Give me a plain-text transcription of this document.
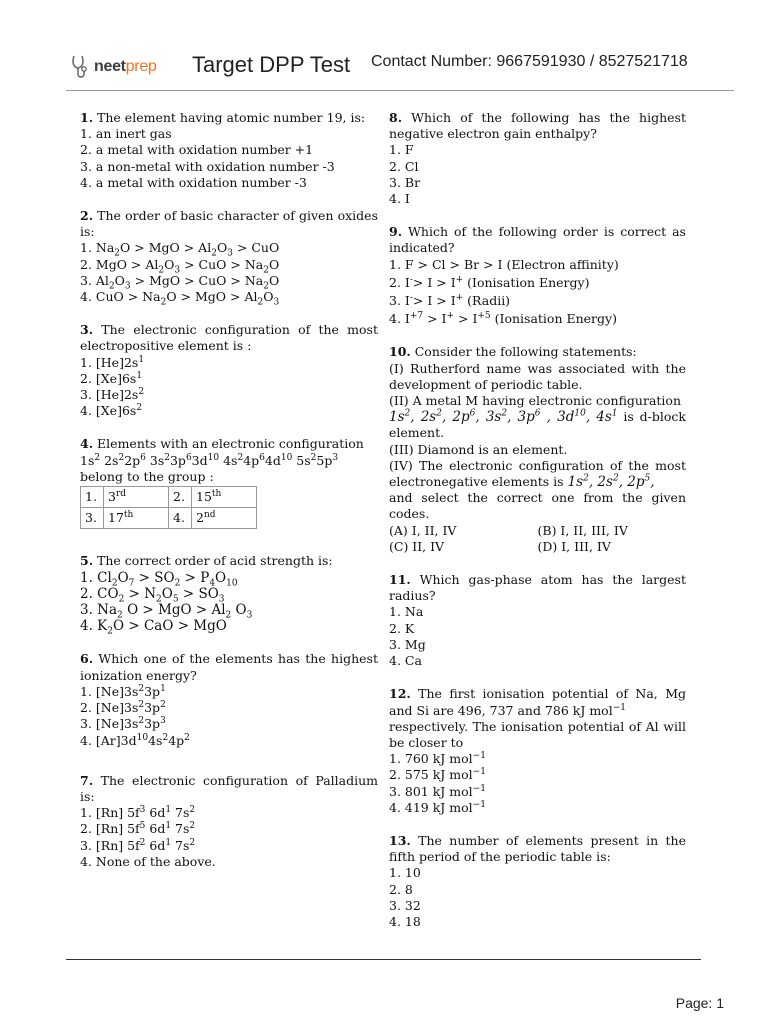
neetprep Target DPP Test Contact Number: 9667591930 / 8527521718
1. The element having atomic number 19, is:
1. an inert gas
2. a metal with oxidation number +1
3. a non-metal with oxidation number -3
4. a metal with oxidation number -3
2. The order of basic character of given oxides is:
1. $Na_2O$ > MgO > $Al_2O_3$ > CuO
2. MgO > $Al_2O_3$ > CuO > $Na_2O$
3. $Al_2O_3$ > MgO > CuO > $Na_2O$
4. CuO > $Na_2O$ > MgO > $Al_2O_3$
3. The electronic configuration of the most electropositive element is :
1. $[He]2s^1$
2. $[Xe]6s^1$
3. $[He]2s^2$
4. $[Xe]6s^2$
4. Elements with an electronic configuration
$1s^2$ $2s^22p^6$ $3s^23p^63d^{10}$ $4s^24p^64d^{10}$ $5s^25p^3$ belong to the group :
1.	3rd	2.	15th
3.	17th	4.	2nd
5. The correct order of acid strength is:
1. $Cl_2O_7 > SO_2 > P_4O_{10}$
2. $CO_2 > N_2O_5 > SO_3$
3. $Na_2$ O > MgO > $Al_2$ $O_3$
4. $K_2O$ > CaO > MgO
6. Which one of the elements has the highest ionization energy?
1. $[Ne]3s^23p^1$
2. $[Ne]3s^23p^2$
3. $[Ne]3s^23p^3$
4. $[Ar]3d^{10}4s^24p^2$
7. The electronic configuration of Palladium is:
1. [Rn] $5f^3$ $6d^1$ $7s^2$
2. [Rn] $5f^5$ $6d^1$ $7s^2$
3. [Rn] $5f^2$ $6d^1$ $7s^2$
4. None of the above.
8. Which of the following has the highest negative electron gain enthalpy?
1. F
2. Cl
3. Br
4. I
9. Which of the following order is correct as indicated?
1. F > Cl > Br > I (Electron affinity)
2. I-> I > I+ (Ionisation Energy)
3. I-> I > I+ (Radii)
4. $I^{+7} > I^+ > I^{+5}$ (Ionisation Energy)
10. Consider the following statements:
(I) Rutherford name was associated with the development of periodic table.
(II) A metal M having electronic configuration
$1s^2$, $2s^2$, $2p^6$, $3s^2$, $3p^6$ , $3d^{10}$, $4s^1$ is d-block element.
(III) Diamond is an element.
(IV) The electronic configuration of the most electronegative elements is $1s^2$, $2s^2$, $2p^5$,
and select the correct one from the given codes.
(A) I, II, IV	(B) I, II, III, IV
(C) II, IV	(D) I, III, IV
11. Which gas-phase atom has the largest radius?
1. Na
2. K
3. Mg
4. Ca
12. The first ionisation potential of Na, Mg and Si are 496, 737 and 786 kJ mol$^{-1}$
respectively. The ionisation potential of Al will be closer to
1. 760 kJ mol$^{-1}$
2. 575 kJ mol$^{-1}$
3. 801 kJ mol$^{-1}$
4. 419 kJ mol$^{-1}$
13. The number of elements present in the fifth period of the periodic table is:
1. 10
2. 8
3. 32
4. 18
Page: 1
